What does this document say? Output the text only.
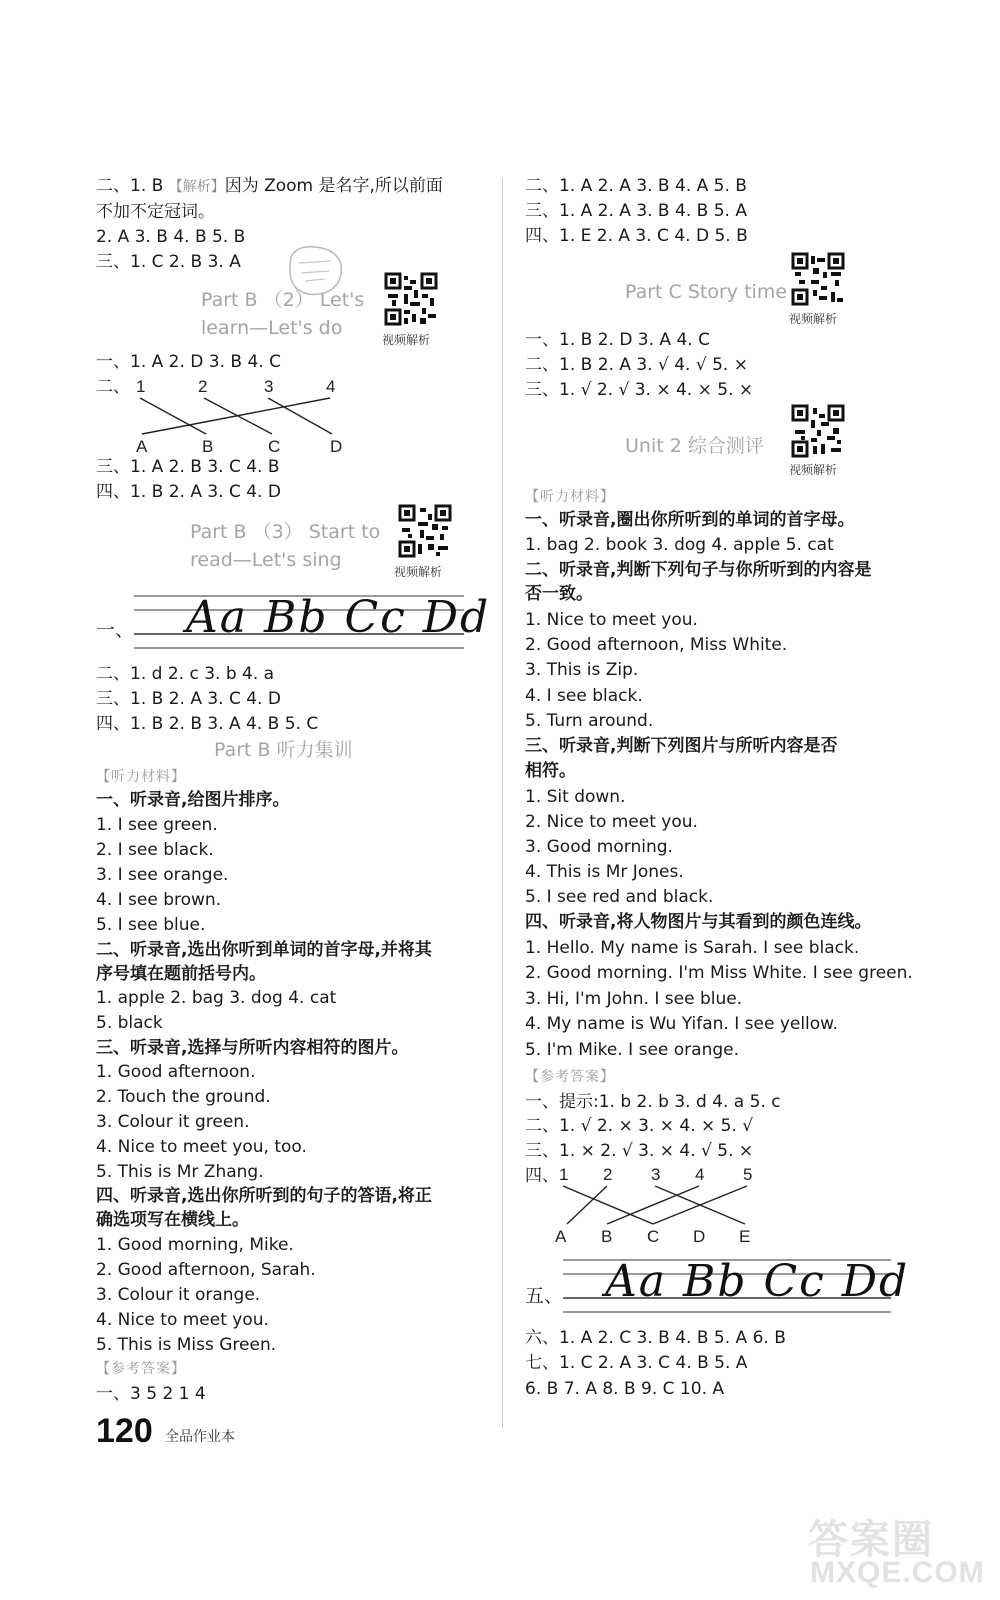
二、1. B 【解析】因为 Zoom 是名字,所以前面
不加不定冠词。
2. A 3. B 4. B 5. B
三、1. C 2. B 3. A
Part B （2） Let's
learn—Let's do
视频解析
一、1. A 2. D 3. B 4. C
二、 1	2	3	4
A	B	C	D
三、1. A 2. B 3. C 4. B
四、1. B 2. A 3. C 4. D
Part B （3） Start to
read—Let's sing
视频解析
一、 Aa Bb Cc Dd
二、1. d 2. c 3. b 4. a
三、1. B 2. A 3. C 4. D
四、1. B 2. B 3. A 4. B 5. C
Part B 听力集训
【听力材料】
一、听录音,给图片排序。
1. I see green.
2. I see black.
3. I see orange.
4. I see brown.
5. I see blue.
二、听录音,选出你听到单词的首字母,并将其
序号填在题前括号内。
1. apple 2. bag 3. dog 4. cat
5. black
三、听录音,选择与所听内容相符的图片。
1. Good afternoon.
2. Touch the ground.
3. Colour it green.
4. Nice to meet you, too.
5. This is Mr Zhang.
四、听录音,选出你所听到的句子的答语,将正
确选项写在横线上。
1. Good morning, Mike.
2. Good afternoon, Sarah.
3. Colour it orange.
4. Nice to meet you.
5. This is Miss Green.
【参考答案】
一、3 5 2 1 4
二、1. A 2. A 3. B 4. A 5. B
三、1. A 2. A 3. B 4. B 5. A
四、1. E 2. A 3. C 4. D 5. B
Part C Story time
视频解析
一、1. B 2. D 3. A 4. C
二、1. B 2. A 3. √ 4. √ 5. ×
三、1. √ 2. √ 3. × 4. × 5. ×
Unit 2 综合测评
视频解析
【听力材料】
一、听录音,圈出你所听到的单词的首字母。
1. bag 2. book 3. dog 4. apple 5. cat
二、听录音,判断下列句子与你所听到的内容是
否一致。
1. Nice to meet you.
2. Good afternoon, Miss White.
3. This is Zip.
4. I see black.
5. Turn around.
三、听录音,判断下列图片与所听内容是否
相符。
1. Sit down.
2. Nice to meet you.
3. Good morning.
4. This is Mr Jones.
5. I see red and black.
四、听录音,将人物图片与其看到的颜色连线。
1. Hello. My name is Sarah. I see black.
2. Good morning. I'm Miss White. I see green.
3. Hi, I'm John. I see blue.
4. My name is Wu Yifan. I see yellow.
5. I'm Mike. I see orange.
【参考答案】
一、提示:1. b 2. b 3. d 4. a 5. c
二、1. √ 2. × 3. × 4. × 5. √
三、1. × 2. √ 3. × 4. √ 5. ×
四、 1 2 3 4 5
A B C D E
五、 Aa Bb Cc Dd
六、1. A 2. C 3. B 4. B 5. A 6. B
七、1. C 2. A 3. C 4. B 5. A
6. B 7. A 8. B 9. C 10. A
120 全品作业本
答案圈
MXQE.COM
